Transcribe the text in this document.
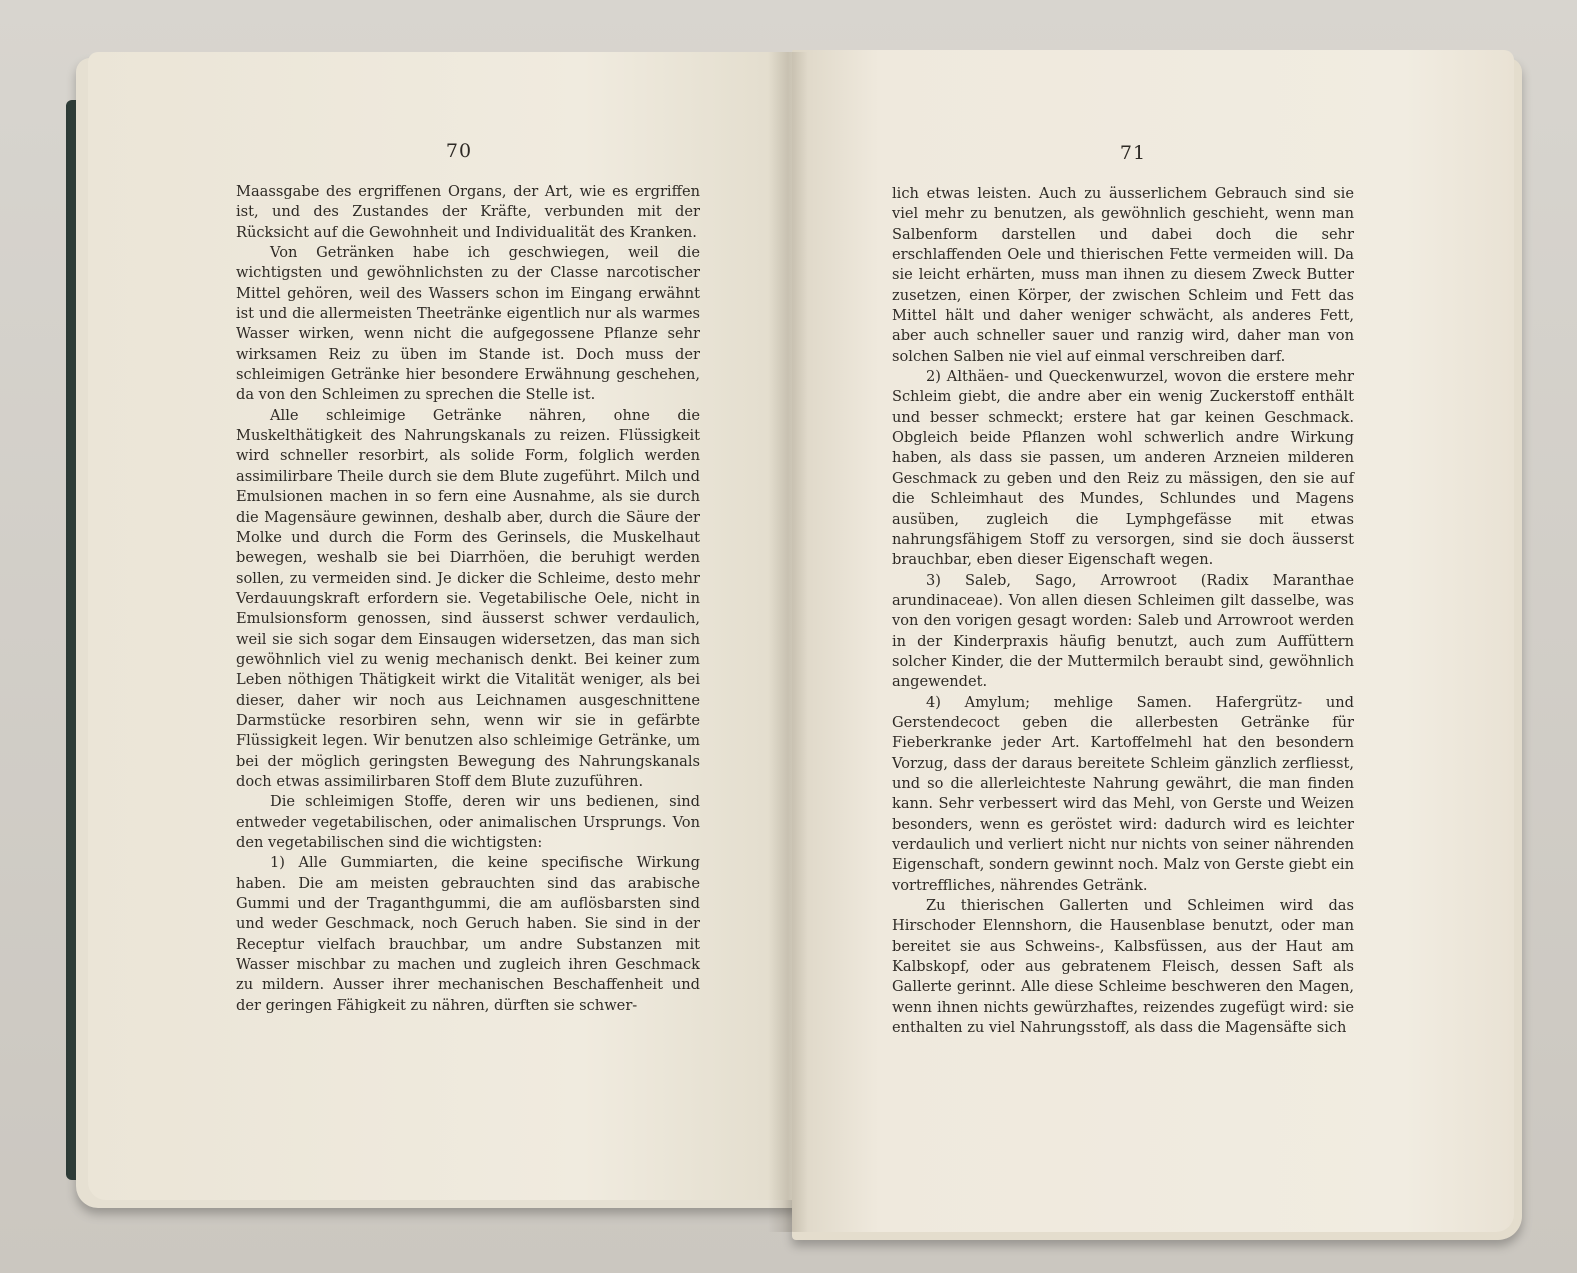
70

Maassgabe des ergriffenen Organs, der Art, wie es ergriffen ist, und des Zustandes der Kräfte, verbunden mit der Rücksicht auf die Gewohnheit und Individualität des Kranken.

Von Getränken habe ich geschwiegen, weil die wichtigsten und gewöhnlichsten zu der Classe narcotischer Mittel gehören, weil des Wassers schon im Eingang erwähnt ist und die allermeisten Theetränke eigentlich nur als warmes Wasser wirken, wenn nicht die aufgegossene Pflanze sehr wirksamen Reiz zu üben im Stande ist. Doch muss der schleimigen Getränke hier besondere Erwähnung geschehen, da von den Schleimen zu sprechen die Stelle ist.

Alle schleimige Getränke nähren, ohne die Muskelthätigkeit des Nahrungskanals zu reizen. Flüssigkeit wird schneller resorbirt, als solide Form, folglich werden assimilirbare Theile durch sie dem Blute zugeführt. Milch und Emulsionen machen in so fern eine Ausnahme, als sie durch die Magensäure gewinnen, deshalb aber, durch die Säure der Molke und durch die Form des Gerinsels, die Muskelhaut bewegen, weshalb sie bei Diarrhöen, die beruhigt werden sollen, zu vermeiden sind. Je dicker die Schleime, desto mehr Verdauungskraft erfordern sie. Vegetabilische Oele, nicht in Emulsionsform genossen, sind äusserst schwer verdaulich, weil sie sich sogar dem Einsaugen widersetzen, das man sich gewöhnlich viel zu wenig mechanisch denkt. Bei keiner zum Leben nöthigen Thätigkeit wirkt die Vitalität weniger, als bei dieser, daher wir noch aus Leichnamen ausgeschnittene Darmstücke resorbiren sehn, wenn wir sie in gefärbte Flüssigkeit legen. Wir benutzen also schleimige Getränke, um bei der möglich geringsten Bewegung des Nahrungskanals doch etwas assimilirbaren Stoff dem Blute zuzuführen.

Die schleimigen Stoffe, deren wir uns bedienen, sind entweder vegetabilischen, oder animalischen Ursprungs. Von den vegetabilischen sind die wichtigsten:

1) Alle Gummiarten, die keine specifische Wirkung haben. Die am meisten gebrauchten sind das arabische Gummi und der Traganthgummi, die am auflösbarsten sind und weder Geschmack, noch Geruch haben. Sie sind in der Receptur vielfach brauchbar, um andre Substanzen mit Wasser mischbar zu machen und zugleich ihren Geschmack zu mildern. Ausser ihrer mechanischen Beschaffenheit und der geringen Fähigkeit zu nähren, dürften sie schwer-

71

lich etwas leisten. Auch zu äusserlichem Gebrauch sind sie viel mehr zu benutzen, als gewöhnlich geschieht, wenn man Salbenform darstellen und dabei doch die sehr erschlaffenden Oele und thierischen Fette vermeiden will. Da sie leicht erhärten, muss man ihnen zu diesem Zweck Butter zusetzen, einen Körper, der zwischen Schleim und Fett das Mittel hält und daher weniger schwächt, als anderes Fett, aber auch schneller sauer und ranzig wird, daher man von solchen Salben nie viel auf einmal verschreiben darf.

2) Althäen- und Queckenwurzel, wovon die erstere mehr Schleim giebt, die andre aber ein wenig Zuckerstoff enthält und besser schmeckt; erstere hat gar keinen Geschmack. Obgleich beide Pflanzen wohl schwerlich andre Wirkung haben, als dass sie passen, um anderen Arzneien milderen Geschmack zu geben und den Reiz zu mässigen, den sie auf die Schleimhaut des Mundes, Schlundes und Magens ausüben, zugleich die Lymphgefässe mit etwas nahrungsfähigem Stoff zu versorgen, sind sie doch äusserst brauchbar, eben dieser Eigenschaft wegen.

3) Saleb, Sago, Arrowroot (Radix Maranthae arundinaceae). Von allen diesen Schleimen gilt dasselbe, was von den vorigen gesagt worden: Saleb und Arrowroot werden in der Kinderpraxis häufig benutzt, auch zum Auffüttern solcher Kinder, die der Muttermilch beraubt sind, gewöhnlich angewendet.

4) Amylum; mehlige Samen. Hafergrütz- und Gerstendecoct geben die allerbesten Getränke für Fieberkranke jeder Art. Kartoffelmehl hat den besondern Vorzug, dass der daraus bereitete Schleim gänzlich zerfliesst, und so die allerleichteste Nahrung gewährt, die man finden kann. Sehr verbessert wird das Mehl, von Gerste und Weizen besonders, wenn es geröstet wird: dadurch wird es leichter verdaulich und verliert nicht nur nichts von seiner nährenden Eigenschaft, sondern gewinnt noch. Malz von Gerste giebt ein vortreffliches, nährendes Getränk.

Zu thierischen Gallerten und Schleimen wird das Hirschoder Elennshorn, die Hausenblase benutzt, oder man bereitet sie aus Schweins-, Kalbsfüssen, aus der Haut am Kalbskopf, oder aus gebratenem Fleisch, dessen Saft als Gallerte gerinnt. Alle diese Schleime beschweren den Magen, wenn ihnen nichts gewürzhaftes, reizendes zugefügt wird: sie enthalten zu viel Nahrungsstoff, als dass die Magensäfte sich
